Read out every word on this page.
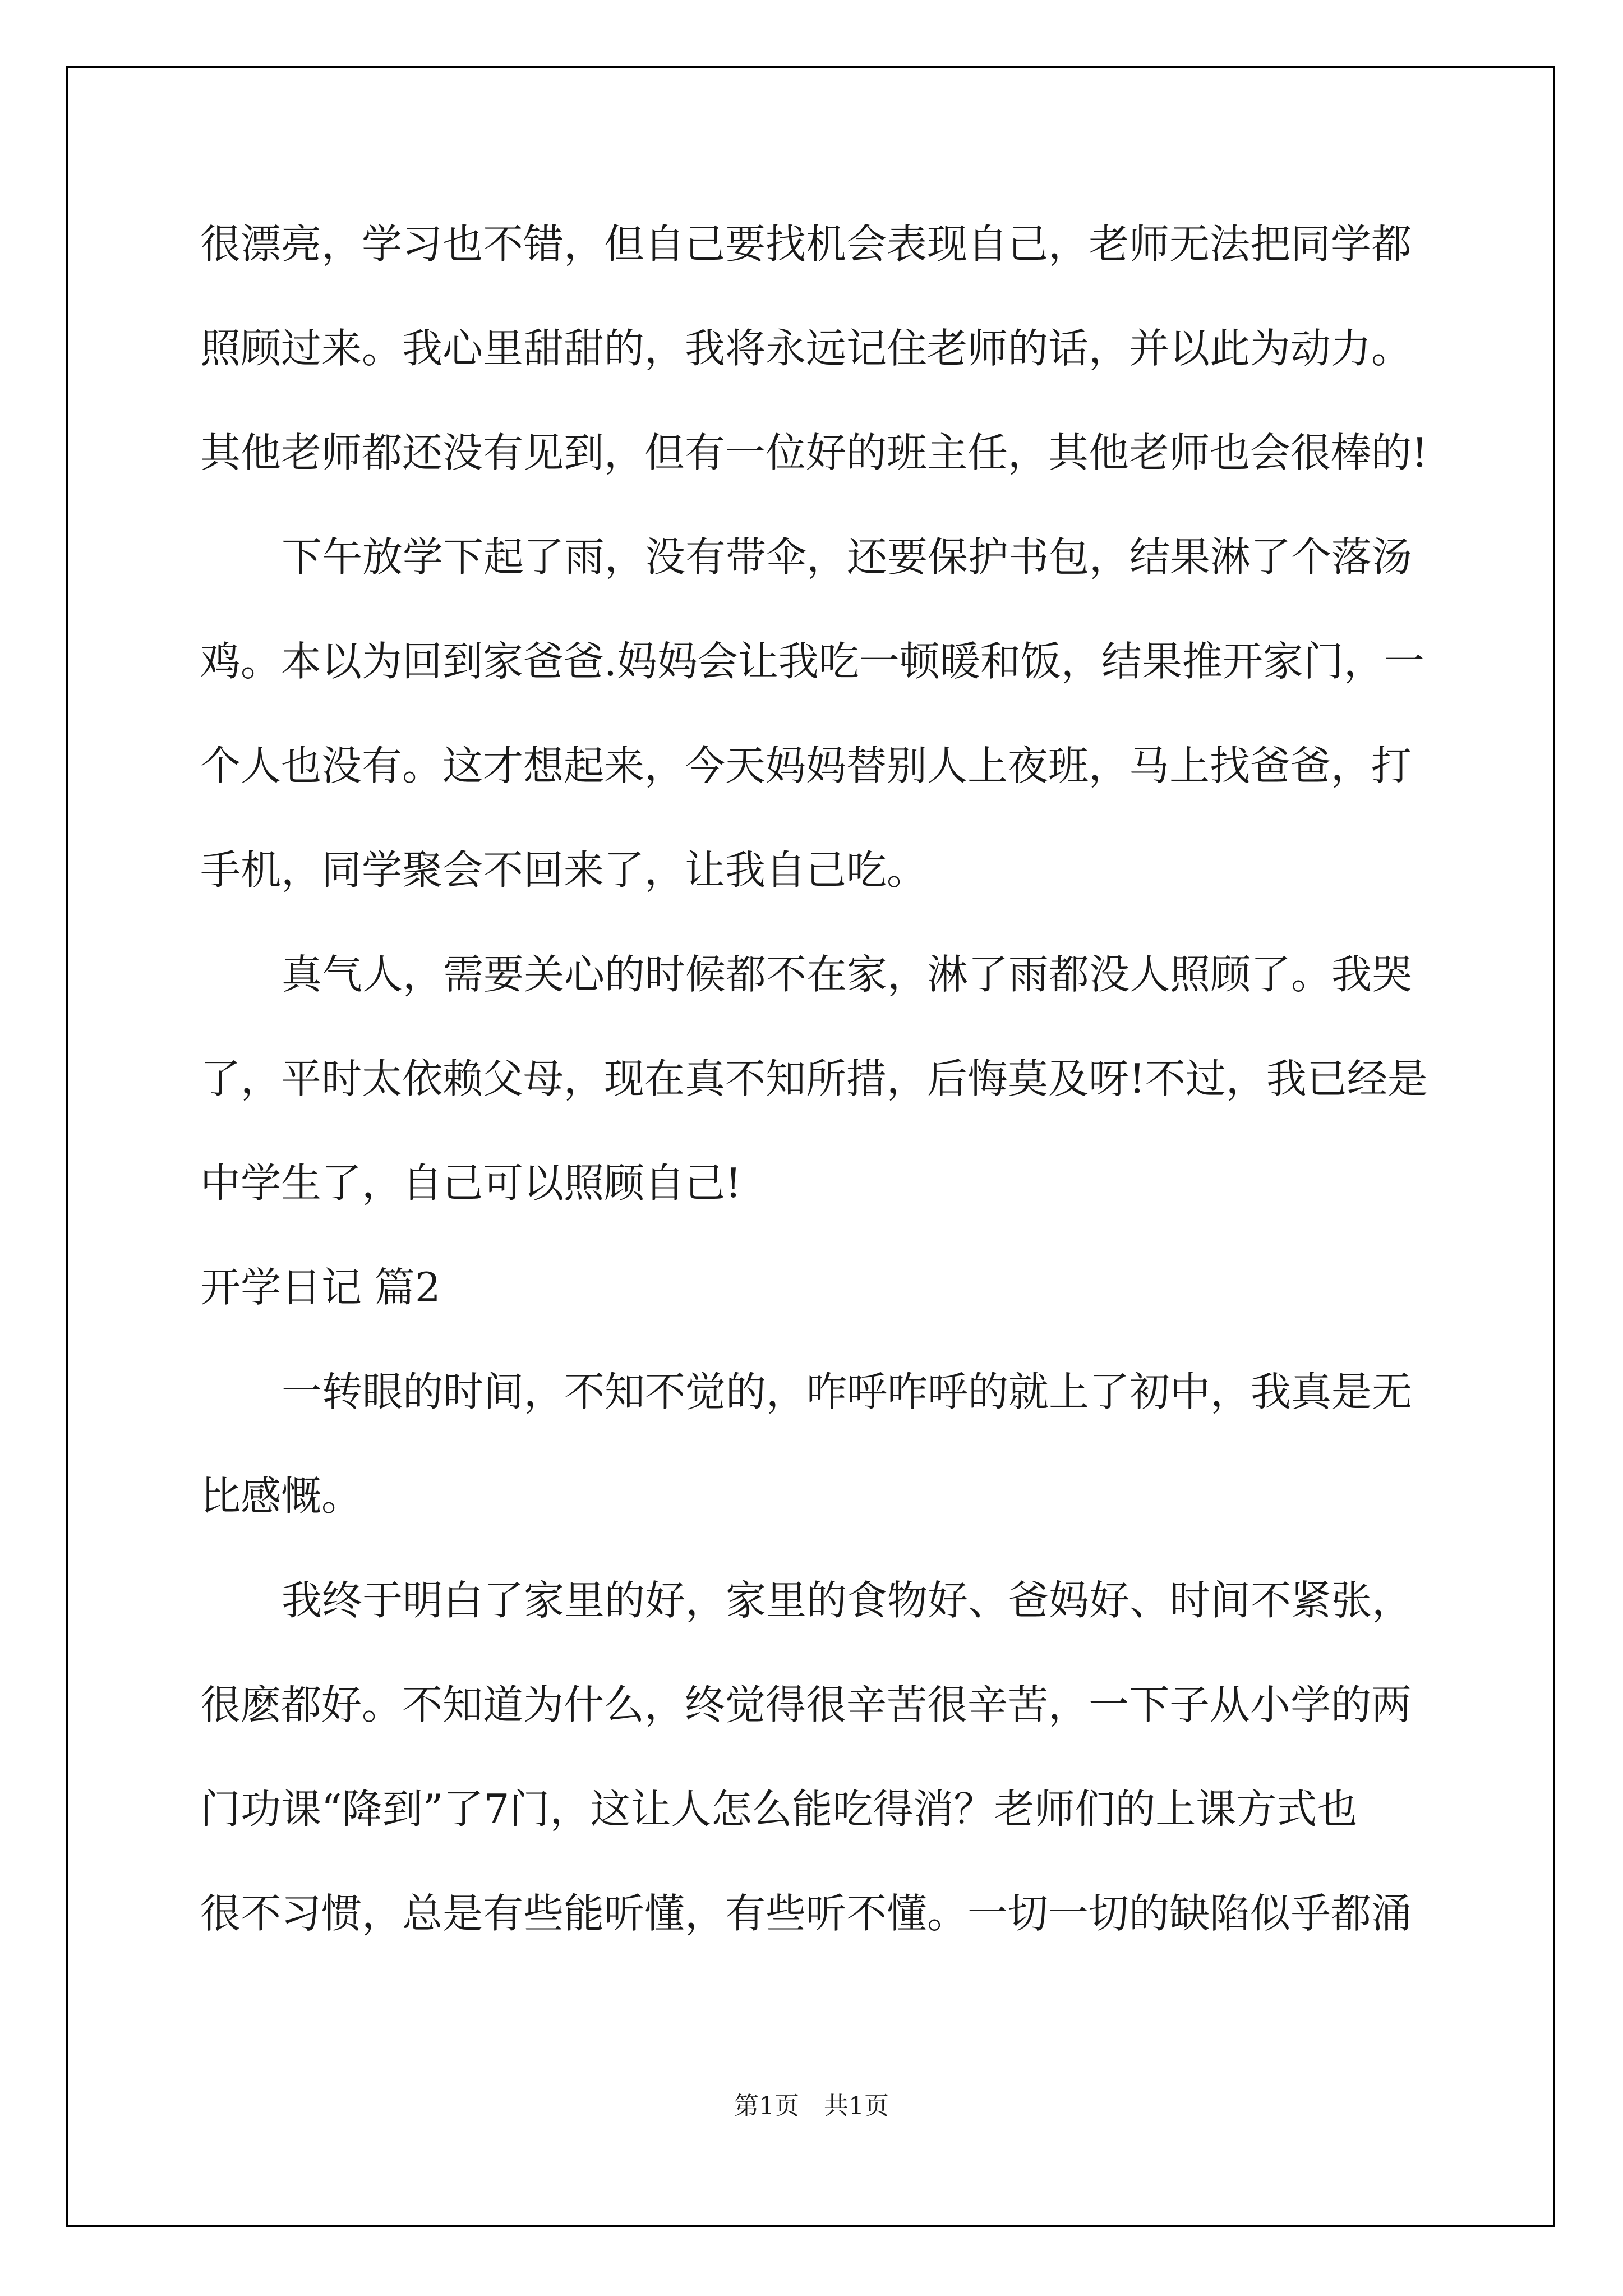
很漂亮，学习也不错，但自己要找机会表现自己，老师无法把同学都
照顾过来。我心里甜甜的，我将永远记住老师的话，并以此为动力。
其他老师都还没有见到，但有一位好的班主任，其他老师也会很棒的!
下午放学下起了雨，没有带伞，还要保护书包，结果淋了个落汤
鸡。本以为回到家爸爸.妈妈会让我吃一顿暖和饭，结果推开家门，一
个人也没有。这才想起来，今天妈妈替别人上夜班，马上找爸爸，打
手机，同学聚会不回来了，让我自己吃。
真气人，需要关心的时候都不在家，淋了雨都没人照顾了。我哭
了，平时太依赖父母，现在真不知所措，后悔莫及呀!不过，我已经是
中学生了，自己可以照顾自己!
开学日记 篇2
一转眼的时间，不知不觉的，咋呼咋呼的就上了初中，我真是无
比感慨。
我终于明白了家里的好，家里的食物好、爸妈好、时间不紧张，
很麽都好。不知道为什么，终觉得很辛苦很辛苦，一下子从小学的两
门功课“降到”了7门，这让人怎么能吃得消？老师们的上课方式也
很不习惯，总是有些能听懂，有些听不懂。一切一切的缺陷似乎都涌
第1页　共1页
